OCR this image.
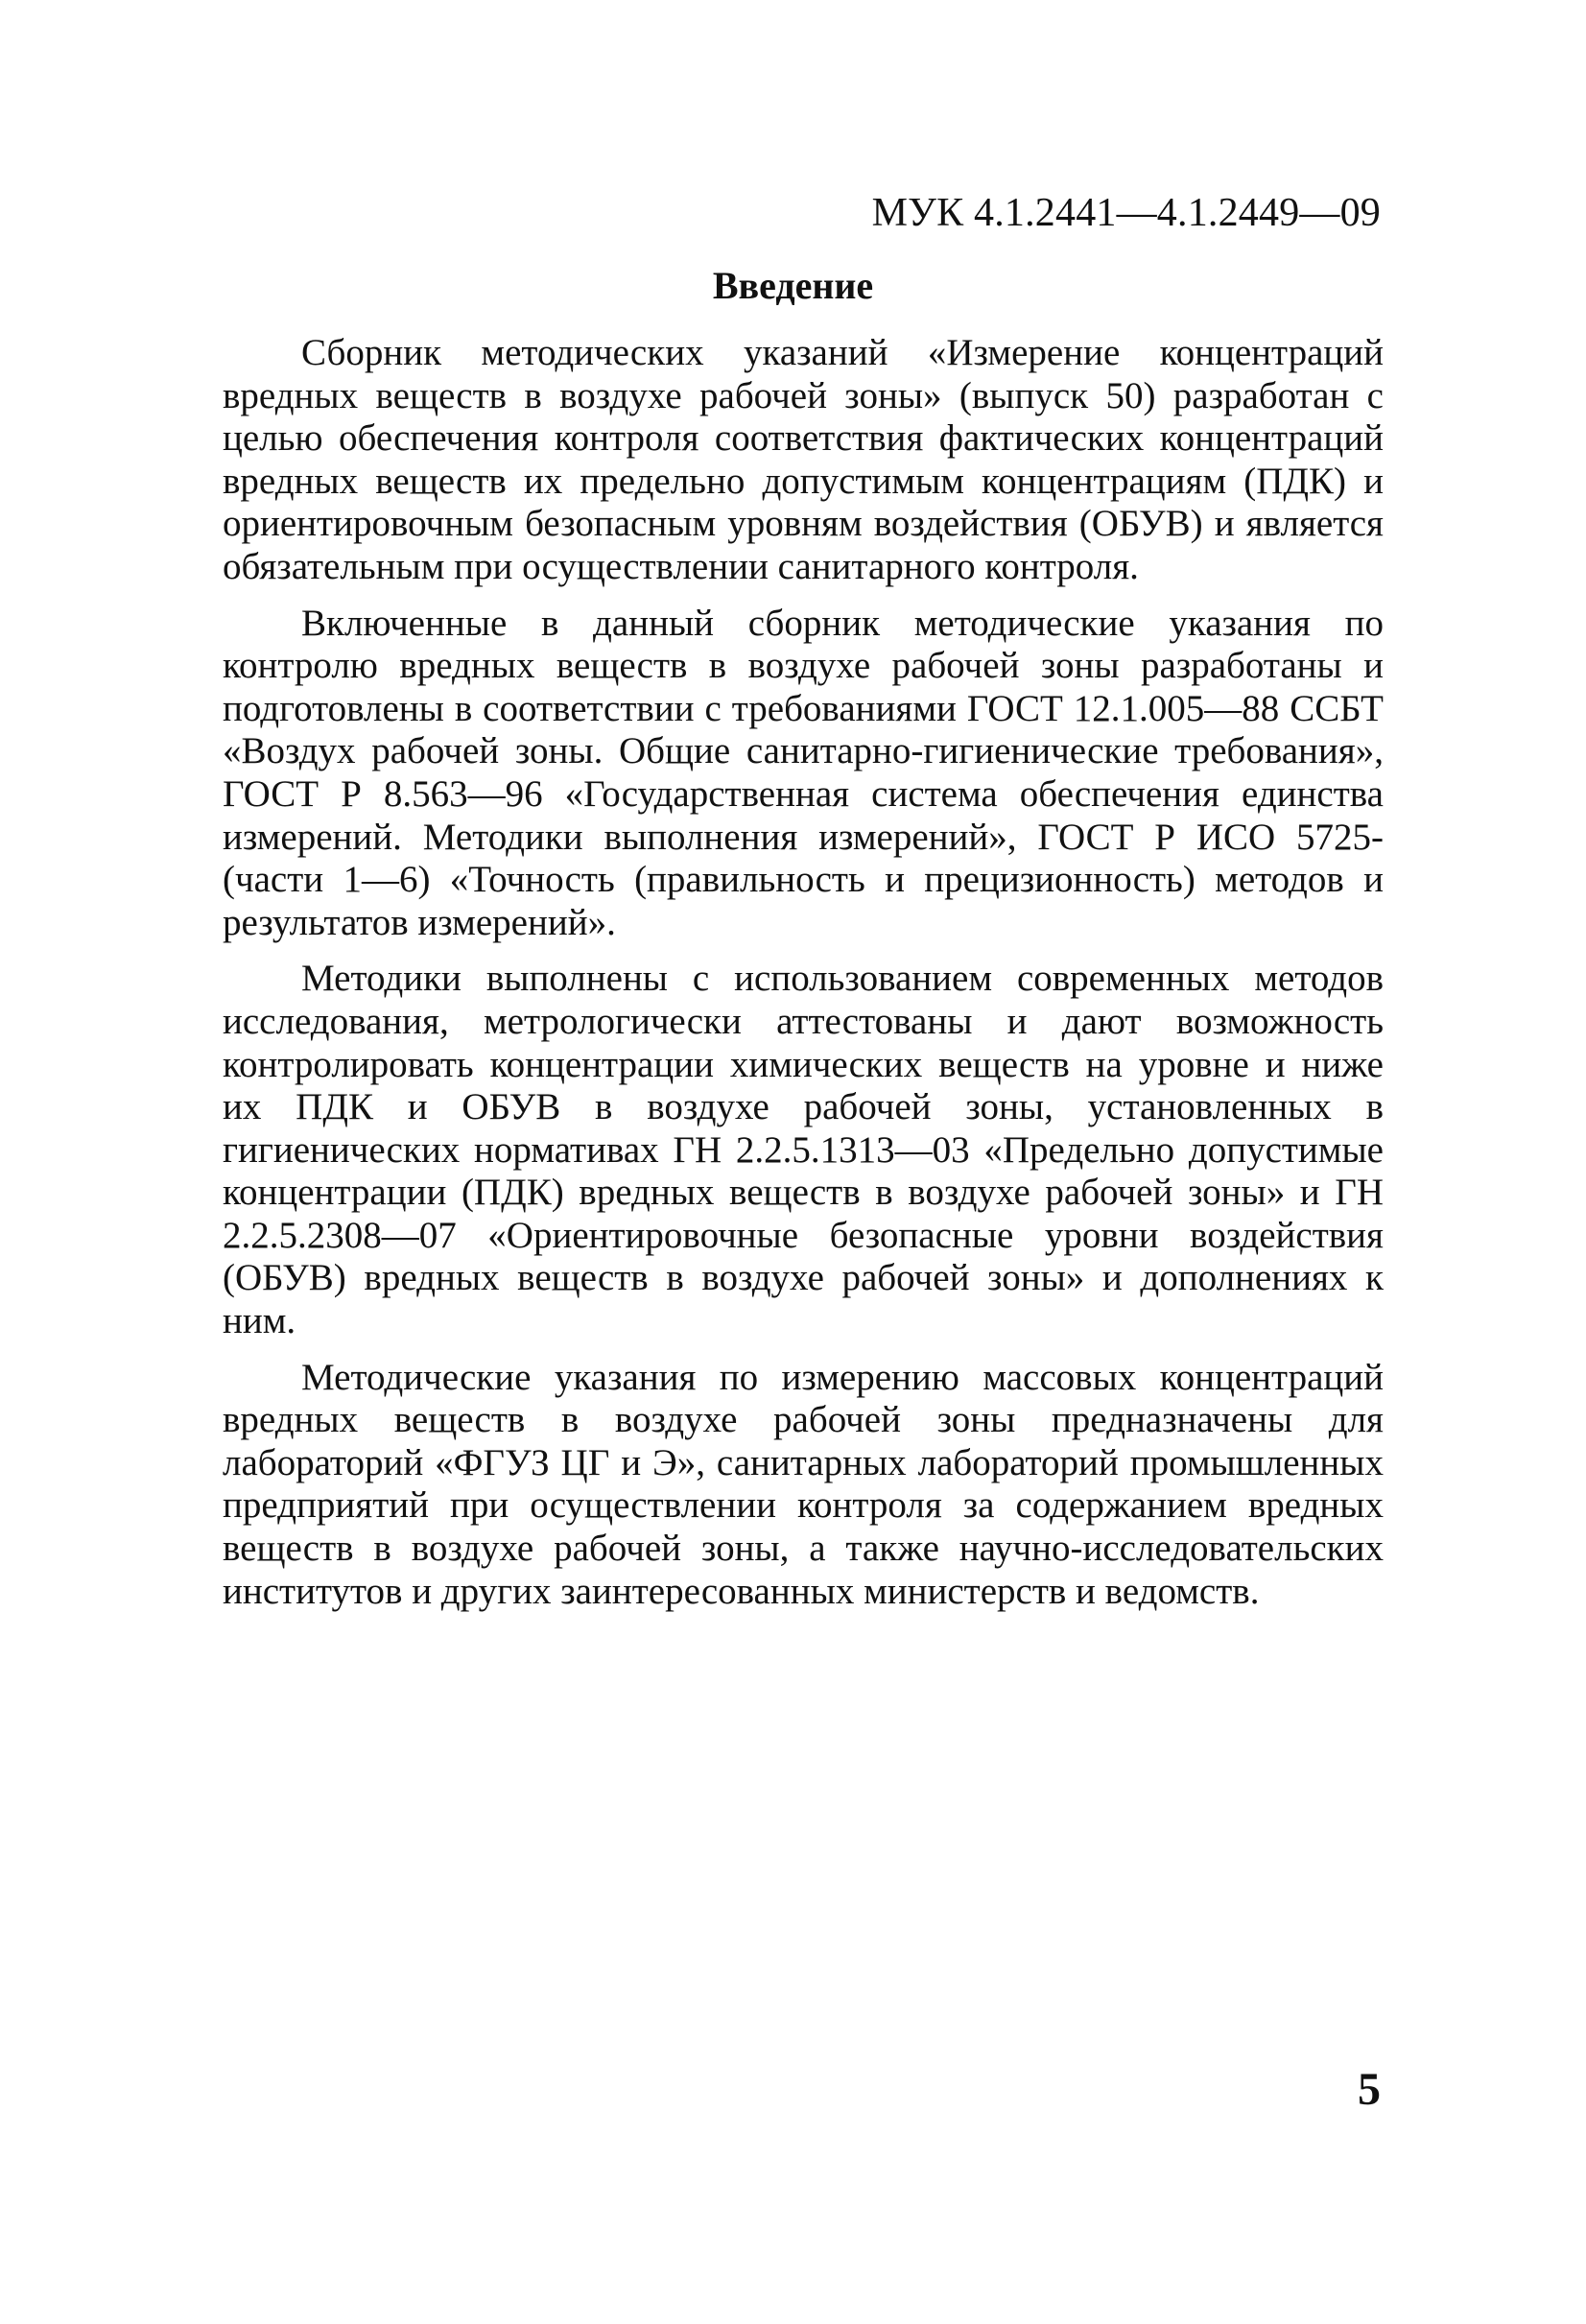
МУК 4.1.2441—4.1.2449—09
Введение

Сборник методических указаний «Измерение концентраций вредных веществ в воздухе рабочей зоны» (выпуск 50) разработан с целью обеспечения контроля соответствия фактических концентраций вредных веществ их предельно допустимым концентрациям (ПДК) и ориентировочным безопасным уровням воздействия (ОБУВ) и является обязательным при осуществлении санитарного контроля.

Включенные в данный сборник методические указания по контролю вредных веществ в воздухе рабочей зоны разработаны и подготовлены в соответствии с требованиями ГОСТ 12.1.005—88 ССБТ «Воздух рабочей зоны. Общие санитарно-гигиенические требования», ГОСТ Р 8.563—96 «Государственная система обеспечения единства измерений. Методики выполнения измерений», ГОСТ Р ИСО 5725-(части 1—6) «Точность (правильность и прецизионность) методов и результатов измерений».

Методики выполнены с использованием современных методов исследования, метрологически аттестованы и дают возможность контролировать концентрации химических веществ на уровне и ниже их ПДК и ОБУВ в воздухе рабочей зоны, установленных в гигиенических нормативах ГН 2.2.5.1313—03 «Предельно допустимые концентрации (ПДК) вредных веществ в воздухе рабочей зоны» и ГН 2.2.5.2308—07 «Ориентировочные безопасные уровни воздействия (ОБУВ) вредных веществ в воздухе рабочей зоны» и дополнениях к ним.

Методические указания по измерению массовых концентраций вредных веществ в воздухе рабочей зоны предназначены для лабораторий «ФГУЗ ЦГ и Э», санитарных лабораторий промышленных предприятий при осуществлении контроля за содержанием вредных веществ в воздухе рабочей зоны, а также научно-исследовательских институтов и других заинтересованных министерств и ведомств.

5
